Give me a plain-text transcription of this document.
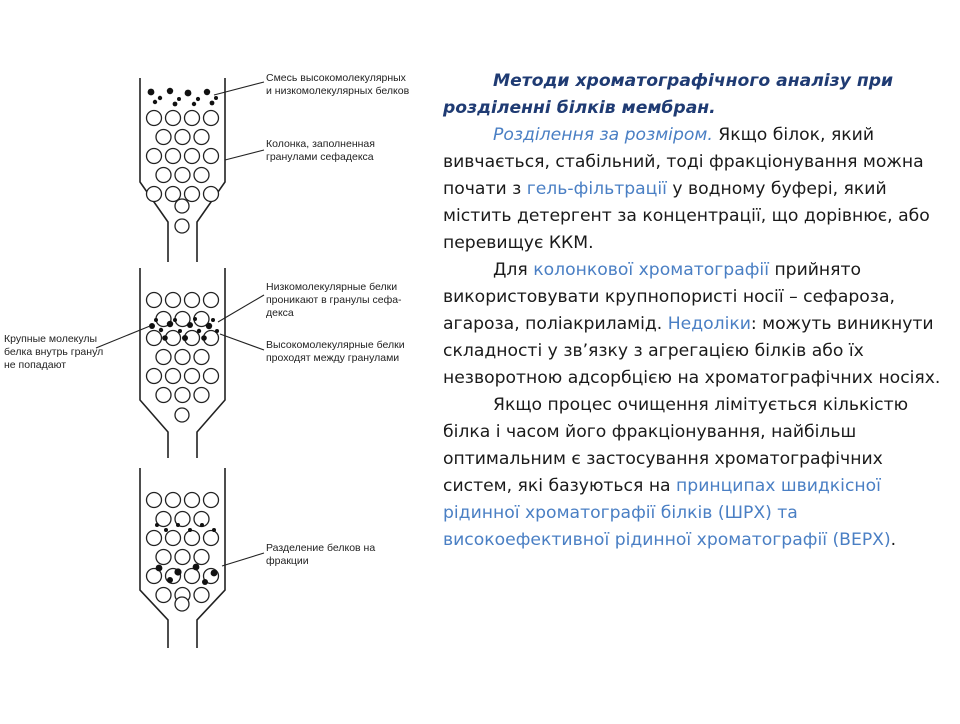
Смесь высокомолекулярных
и низкомолекулярных белков
Колонка, заполненная
гранулами сефадекса
Низкомолекулярные белки
проникают в гранулы сефа-
декса
Высокомолекулярные белки
проходят между гранулами
Крупные молекулы
белка внутрь гранул
не попадают
Разделение белков на
фракции

Методи хроматографічного аналізу при розділенні білків мембран.

Розділення за розміром. Якщо білок, який вивчається, стабільний, тоді фракціонування можна почати з гель-фільтрації у водному буфері, який містить детергент за концентрації, що дорівнює, або перевищує ККМ.

Для колонкової хроматографії прийнято використовувати крупнопористі носії – сефароза, агароза, поліакриламід. Недоліки: можуть виникнути складності у зв’язку з агрегацією білків або їх незворотною адсорбцією на хроматографічних носіях.

Якщо процес очищення лімітується кількістю білка і часом його фракціонування, найбільш оптимальним є застосування хроматографічних систем, які базуються на принципах швидкісної рідинної хроматографії білків (ШРХ) та високоефективної рідинної хроматографії (ВЕРХ).
